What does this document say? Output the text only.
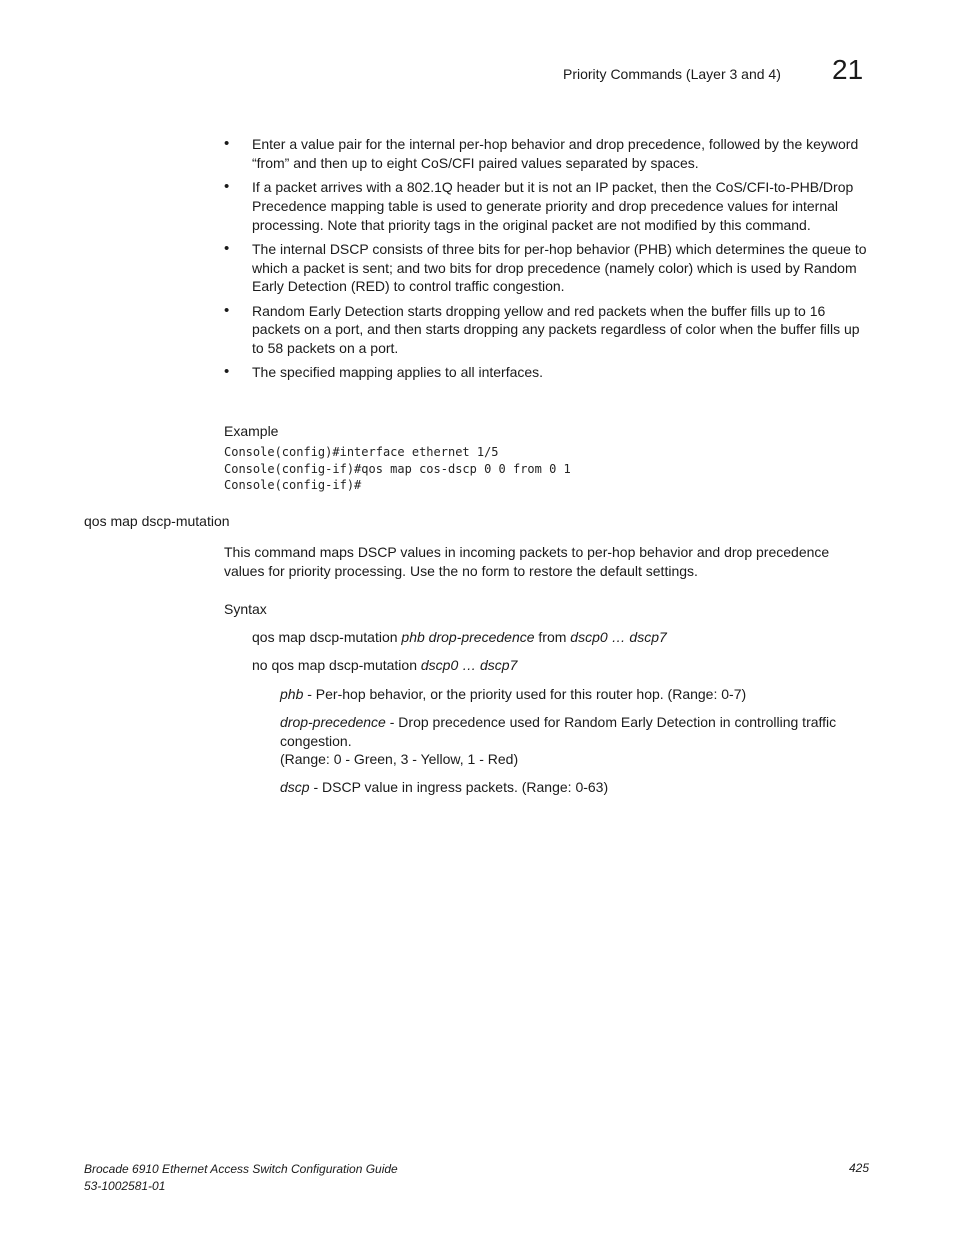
Priority Commands (Layer 3 and 4) 21
• Enter a value pair for the internal per-hop behavior and drop precedence, followed by the keyword “from” and then up to eight CoS/CFI paired values separated by spaces.
• If a packet arrives with a 802.1Q header but it is not an IP packet, then the CoS/CFI-to-PHB/Drop Precedence mapping table is used to generate priority and drop precedence values for internal processing. Note that priority tags in the original packet are not modified by this command.
• The internal DSCP consists of three bits for per-hop behavior (PHB) which determines the queue to which a packet is sent; and two bits for drop precedence (namely color) which is used by Random Early Detection (RED) to control traffic congestion.
• Random Early Detection starts dropping yellow and red packets when the buffer fills up to 16 packets on a port, and then starts dropping any packets regardless of color when the buffer fills up to 58 packets on a port.
• The specified mapping applies to all interfaces.
Example
Console(config)#interface ethernet 1/5
Console(config-if)#qos map cos-dscp 0 0 from 0 1
Console(config-if)#
qos map dscp-mutation

This command maps DSCP values in incoming packets to per-hop behavior and drop precedence values for priority processing. Use the no form to restore the default settings.

Syntax
qos map dscp-mutation phb drop-precedence from dscp0 … dscp7
no qos map dscp-mutation dscp0 … dscp7

phb - Per-hop behavior, or the priority used for this router hop. (Range: 0-7)

drop-precedence - Drop precedence used for Random Early Detection in controlling traffic congestion.
(Range: 0 - Green, 3 - Yellow, 1 - Red)

dscp - DSCP value in ingress packets. (Range: 0-63)

Brocade 6910 Ethernet Access Switch Configuration Guide
53-1002581-01
425
